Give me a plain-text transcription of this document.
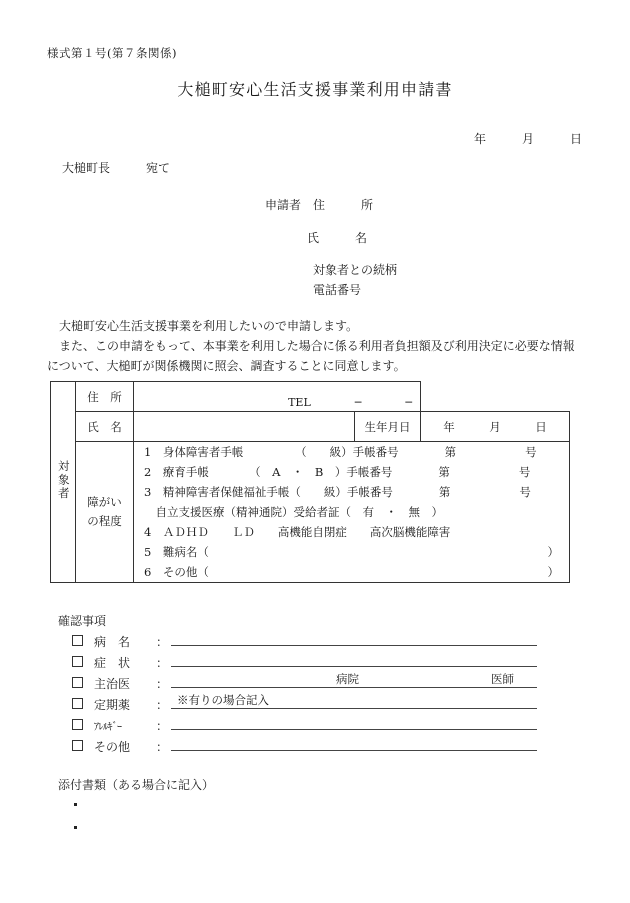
様式第１号(第７条関係)
大槌町安心生活支援事業利用申請書
年　　　月　　　日
大槌町長　　　宛て
申請者　住　　　所
氏　　　名
対象者との続柄
電話番号
大槌町安心生活支援事業を利用したいので申請します。
また、この申請をもって、本事業を利用した場合に係る利用者負担額及び利用決定に必要な情報について、大槌町が関係機関に照会、調査することに同意します。
対象者	住　所	TEL　　　　─　　　　─		

	氏　名		生年月日	年　　　月　　　日

障がい
の程度

1　 身体障害者手帳　　　　　（　　級）手帳番号　　　　第　　　　　　号
2　 療育手帳　　　　（　A　・　B　）手帳番号　　　　第　　　　　　号
3　 精神障害者保健福祉手帳（　　級）手帳番号　　　　第　　　　　　号
　自立支援医療（精神通院）受給者証（　有　・　無　）
4　 ＡＤＨＤ　　ＬＤ　　高機能自閉症　　高次脳機能障害
5　 難病名（	）
6　 その他（	）
確認事項
病　名	：
症　状	：
主治医	：	病院	医師
定期薬	： ※有りの場合記入
ｱﾚﾙｷﾞｰ	：
その他	：
添付書類（ある場合に記入）
